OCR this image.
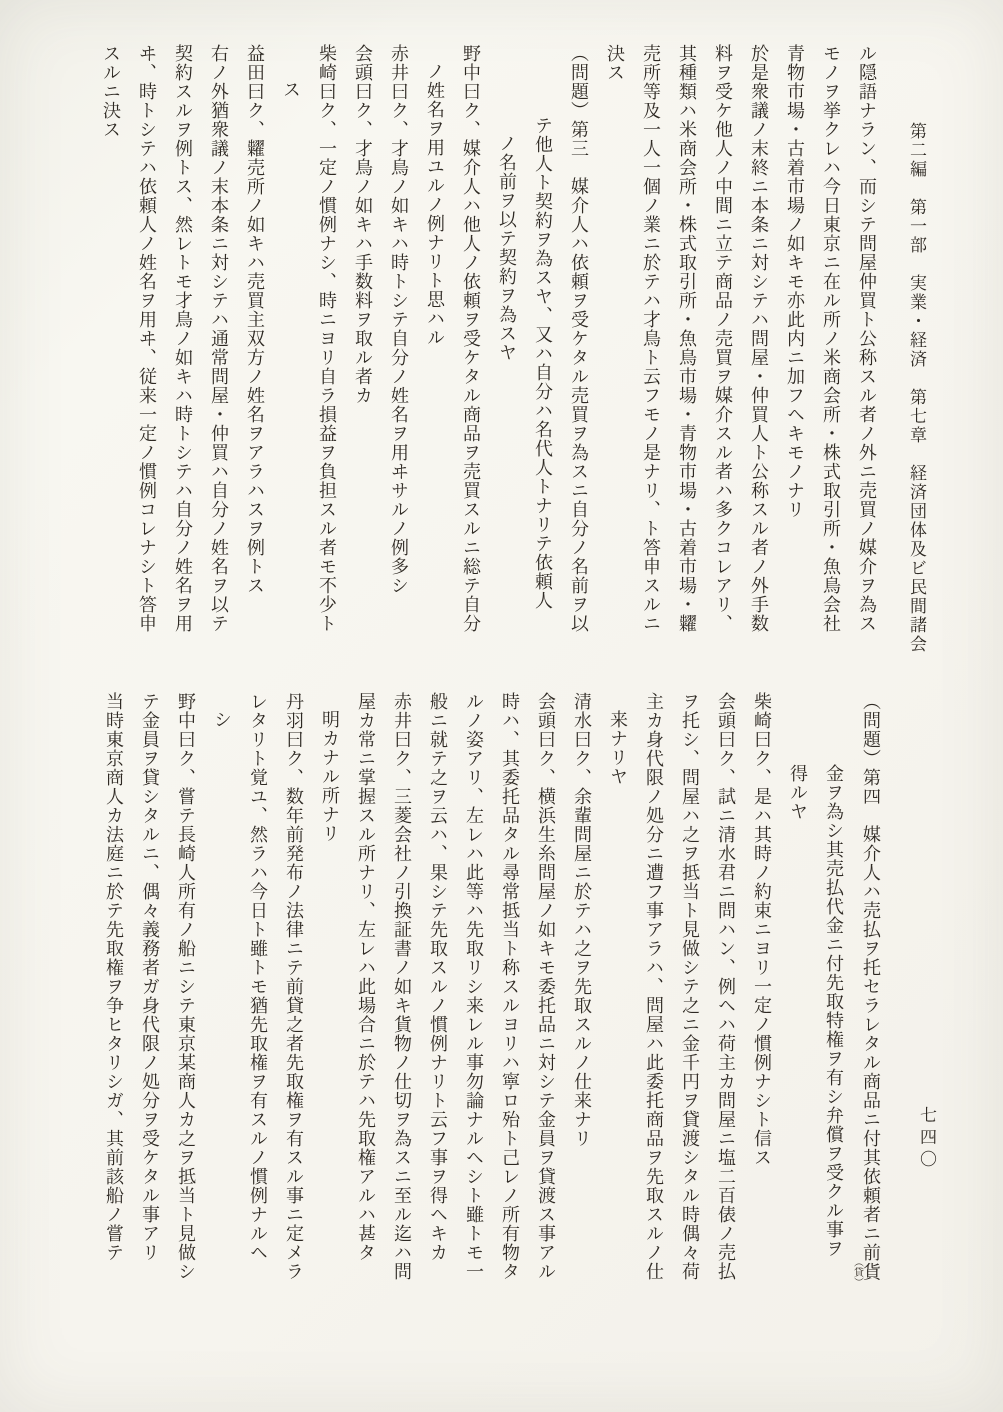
第二編　第一部　実業・経済　第七章　経済団体及ビ民間諸会
ル隠語ナラン、而シテ問屋仲買ト公称スル者ノ外ニ売買ノ媒介ヲ為ス
モノヲ挙クレハ今日東京ニ在ル所ノ米商会所・株式取引所・魚鳥会社
青物市場・古着市場ノ如キモ亦此内ニ加フヘキモノナリ
於是衆議ノ末終ニ本条ニ対シテハ問屋・仲買人ト公称スル者ノ外手数
料ヲ受ケ他人ノ中間ニ立テ商品ノ売買ヲ媒介スル者ハ多クコレアリ、
其種類ハ米商会所・株式取引所・魚鳥市場・青物市場・古着市場・糶
売所等及一人一個ノ業ニ於テハ才鳥ト云フモノ是ナリ、ト答申スルニ
決ス
（問題）第三　媒介人ハ依頼ヲ受ケタル売買ヲ為スニ自分ノ名前ヲ以
テ他人ト契約ヲ為スヤ、又ハ自分ハ名代人トナリテ依頼人
ノ名前ヲ以テ契約ヲ為スヤ
野中曰ク、媒介人ハ他人ノ依頼ヲ受ケタル商品ヲ売買スルニ総テ自分
ノ姓名ヲ用ユルノ例ナリト思ハル
赤井曰ク、才鳥ノ如キハ時トシテ自分ノ姓名ヲ用ヰサルノ例多シ
会頭曰ク、才鳥ノ如キハ手数料ヲ取ル者カ
柴崎曰ク、一定ノ慣例ナシ、時ニヨリ自ラ損益ヲ負担スル者モ不少ト
ス
益田曰ク、糶売所ノ如キハ売買主双方ノ姓名ヲアラハスヲ例トス
右ノ外猶衆議ノ末本条ニ対シテハ通常問屋・仲買ハ自分ノ姓名ヲ以テ
契約スルヲ例トス、然レトモ才鳥ノ如キハ時トシテハ自分ノ姓名ヲ用
ヰ、時トシテハ依頼人ノ姓名ヲ用ヰ、従来一定ノ慣例コレナシト答申
スルニ決ス
（問題）第四　媒介人ハ売払ヲ托セラレタル商品ニ付其依頼者ニ前貨（貸）
金ヲ為シ其売払代金ニ付先取特権ヲ有シ弁償ヲ受クル事ヲ
得ルヤ
柴崎曰ク、是ハ其時ノ約束ニヨリ一定ノ慣例ナシト信ス
会頭曰ク、試ニ清水君ニ問ハン、例ヘハ荷主カ問屋ニ塩二百俵ノ売払
ヲ托シ、問屋ハ之ヲ抵当ト見做シテ之ニ金千円ヲ貸渡シタル時偶々荷
主カ身代限ノ処分ニ遭フ事アラハ、問屋ハ此委托商品ヲ先取スルノ仕
来ナリヤ
清水曰ク、余輩問屋ニ於テハ之ヲ先取スルノ仕来ナリ
会頭曰ク、横浜生糸問屋ノ如キモ委托品ニ対シテ金員ヲ貸渡ス事アル
時ハ、其委托品タル尋常抵当ト称スルヨリハ寧ロ殆ト己レノ所有物タ
ルノ姿アリ、左レハ此等ハ先取リシ来レル事勿論ナルヘシト雖トモ一
般ニ就テ之ヲ云ハ、果シテ先取スルノ慣例ナリト云フ事ヲ得ヘキカ
赤井曰ク、三菱会社ノ引換証書ノ如キ貨物ノ仕切ヲ為スニ至ル迄ハ問
屋カ常ニ掌握スル所ナリ、左レハ此場合ニ於テハ先取権アルハ甚タ
明カナル所ナリ
丹羽曰ク、数年前発布ノ法律ニテ前貸之者先取権ヲ有スル事ニ定メラ
レタリト覚ユ、然ラハ今日ト雖トモ猶先取権ヲ有スルノ慣例ナルヘ
シ
野中曰ク、嘗テ長崎人所有ノ船ニシテ東京某商人カ之ヲ抵当ト見做シ
テ金員ヲ貸シタルニ、偶々義務者ガ身代限ノ処分ヲ受ケタル事アリ
当時東京商人カ法庭ニ於テ先取権ヲ争ヒタリシガ、其前該船ノ嘗テ	七四〇
